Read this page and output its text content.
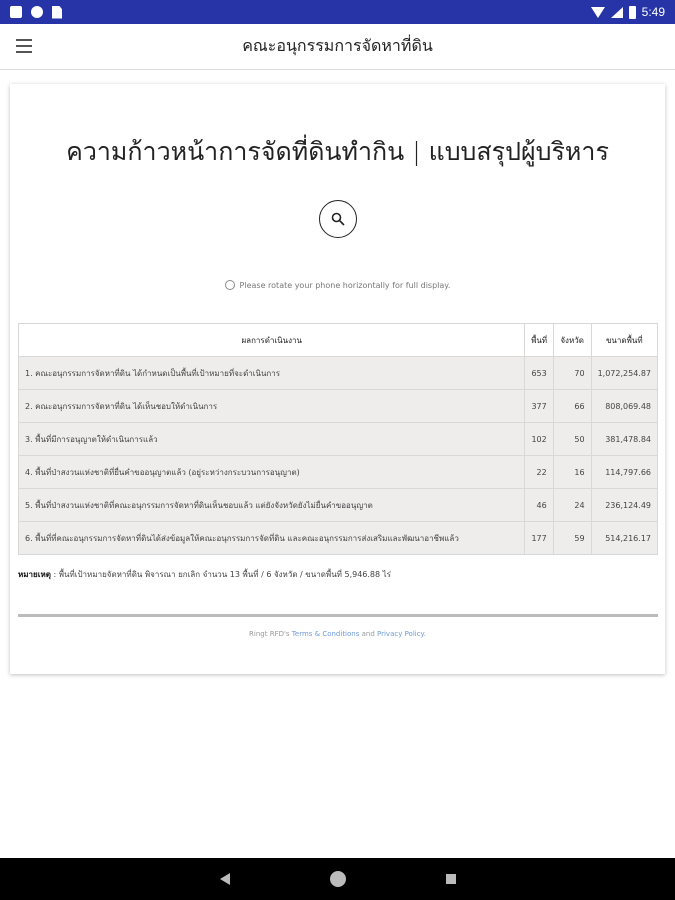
5:49
คณะอนุกรรมการจัดหาที่ดิน
ความก้าวหน้าการจัดที่ดินทำกิน | แบบสรุปผู้บริหาร
Please rotate your phone horizontally for full display.
ผลการดำเนินงาน	พื้นที่	จังหวัด	ขนาดพื้นที่
1. คณะอนุกรรมการจัดหาที่ดิน ได้กำหนดเป็นพื้นที่เป้าหมายที่จะดำเนินการ	653	70	1,072,254.87
2. คณะอนุกรรมการจัดหาที่ดิน ได้เห็นชอบให้ดำเนินการ	377	66	808,069.48
3. พื้นที่มีการอนุญาตให้ดำเนินการแล้ว	102	50	381,478.84
4. พื้นที่ป่าสงวนแห่งชาติที่ยื่นคำขออนุญาตแล้ว (อยู่ระหว่างกระบวนการอนุญาต)	22	16	114,797.66
5. พื้นที่ป่าสงวนแห่งชาติที่คณะอนุกรรมการจัดหาที่ดินเห็นชอบแล้ว แต่ยังจังหวัดยังไม่ยื่นคำขออนุญาต	46	24	236,124.49
6. พื้นที่ที่คณะอนุกรรมการจัดหาที่ดินได้ส่งข้อมูลให้คณะอนุกรรมการจัดที่ดิน และคณะอนุกรรมการส่งเสริมและพัฒนาอาชีพแล้ว	177	59	514,216.17
หมายเหตุ : พื้นที่เป้าหมายจัดหาที่ดิน พิจารณา ยกเลิก จำนวน 13 พื้นที่ / 6 จังหวัด / ขนาดพื้นที่ 5,946.88 ไร่
Ringt RFD's Terms & Conditions and Privacy Policy.
